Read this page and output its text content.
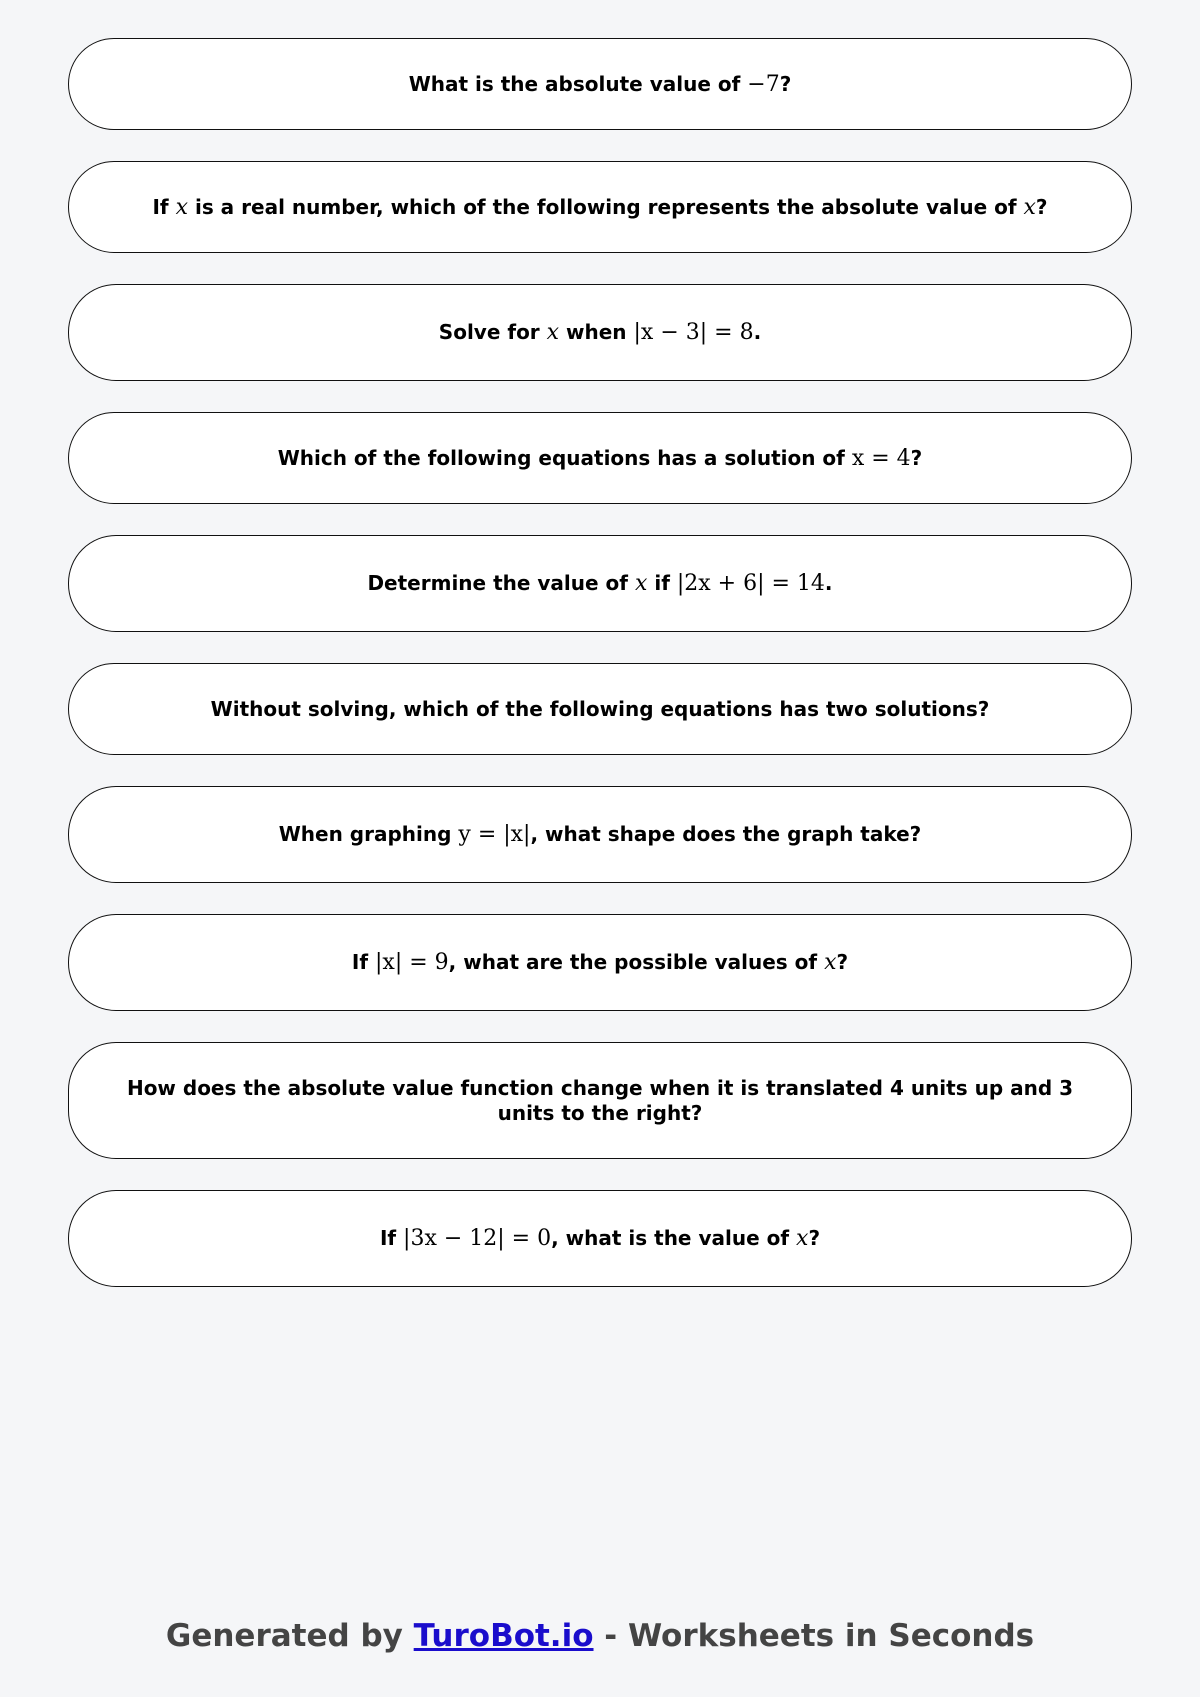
What is the absolute value of −7?
If x is a real number, which of the following represents the absolute value of x?
Solve for x when |x − 3| = 8.
Which of the following equations has a solution of x = 4?
Determine the value of x if |2x + 6| = 14.
Without solving, which of the following equations has two solutions?
When graphing y = |x|, what shape does the graph take?
If |x| = 9, what are the possible values of x?
How does the absolute value function change when it is translated 4 units up and 3 units to the right?
If |3x − 12| = 0, what is the value of x?
Generated by TuroBot.io - Worksheets in Seconds
